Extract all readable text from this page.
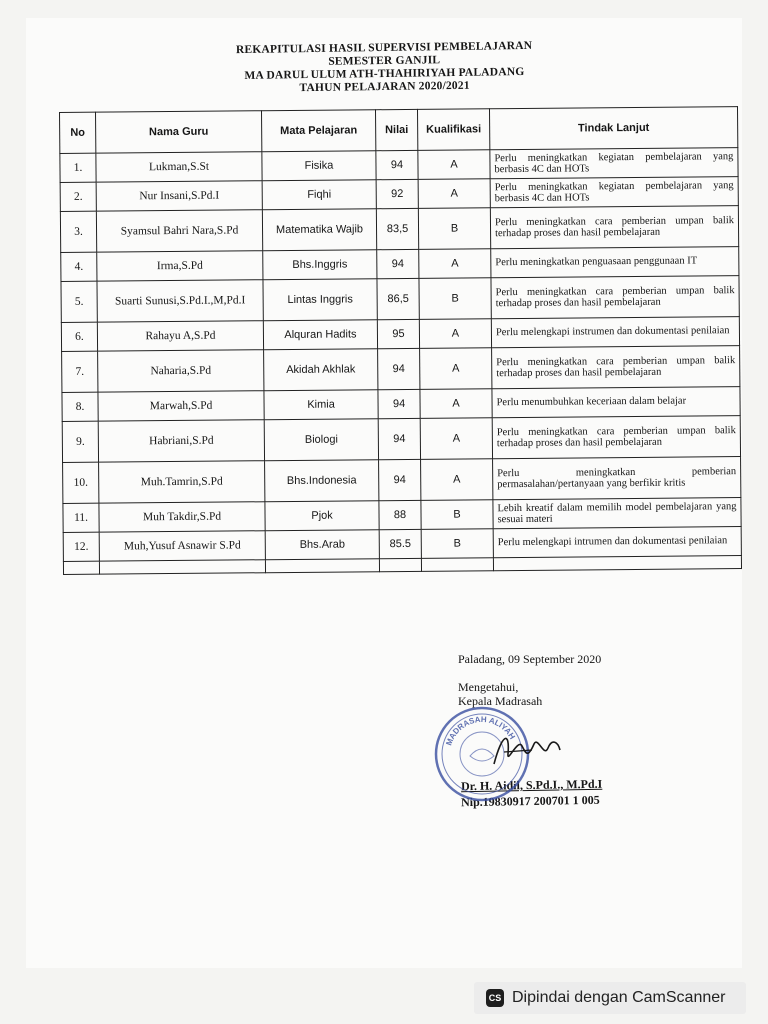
REKAPITULASI HASIL SUPERVISI PEMBELAJARAN
SEMESTER GANJIL
MA DARUL ULUM ATH-THAHIRIYAH PALADANG
TAHUN PELAJARAN 2020/2021
No	Nama Guru	Mata Pelajaran	Nilai	Kualifikasi	Tindak Lanjut
1.	Lukman,S.St	Fisika	94	A	Perlu meningkatkan kegiatan pembelajaran yang berbasis 4C dan HOTs
2.	Nur Insani,S.Pd.I	Fiqhi	92	A	Perlu meningkatkan kegiatan pembelajaran yang berbasis 4C dan HOTs
3.	Syamsul Bahri Nara,S.Pd	Matematika Wajib	83,5	B	Perlu meningkatkan cara pemberian umpan balik terhadap proses dan hasil pembelajaran
4.	Irma,S.Pd	Bhs.Inggris	94	A	Perlu meningkatkan penguasaan penggunaan IT
5.	Suarti Sunusi,S.Pd.I.,M,Pd.I	Lintas Inggris	86,5	B	Perlu meningkatkan cara pemberian umpan balik terhadap proses dan hasil pembelajaran
6.	Rahayu A,S.Pd	Alquran Hadits	95	A	Perlu melengkapi instrumen dan dokumentasi penilaian
7.	Naharia,S.Pd	Akidah Akhlak	94	A	Perlu meningkatkan cara pemberian umpan balik terhadap proses dan hasil pembelajaran
8.	Marwah,S.Pd	Kimia	94	A	Perlu menumbuhkan keceriaan dalam belajar
9.	Habriani,S.Pd	Biologi	94	A	Perlu meningkatkan cara pemberian umpan balik terhadap proses dan hasil pembelajaran
10.	Muh.Tamrin,S.Pd	Bhs.Indonesia	94	A	Perlu meningkatkan pemberian permasalahan/pertanyaan yang berfikir kritis
11.	Muh Takdir,S.Pd	Pjok	88	B	Lebih kreatif dalam memilih model pembelajaran yang sesuai materi
12.	Muh,Yusuf Asnawir S.Pd	Bhs.Arab	85.5	B	Perlu melengkapi intrumen dan dokumentasi penilaian

Paladang, 09 September 2020
Mengetahui,
Kepala Madrasah
Dr. H. Aidil, S.Pd.I., M.Pd.I
Nip.19830917 200701 1 005
MADRASAH ALIYAH
CS Dipindai dengan CamScanner
